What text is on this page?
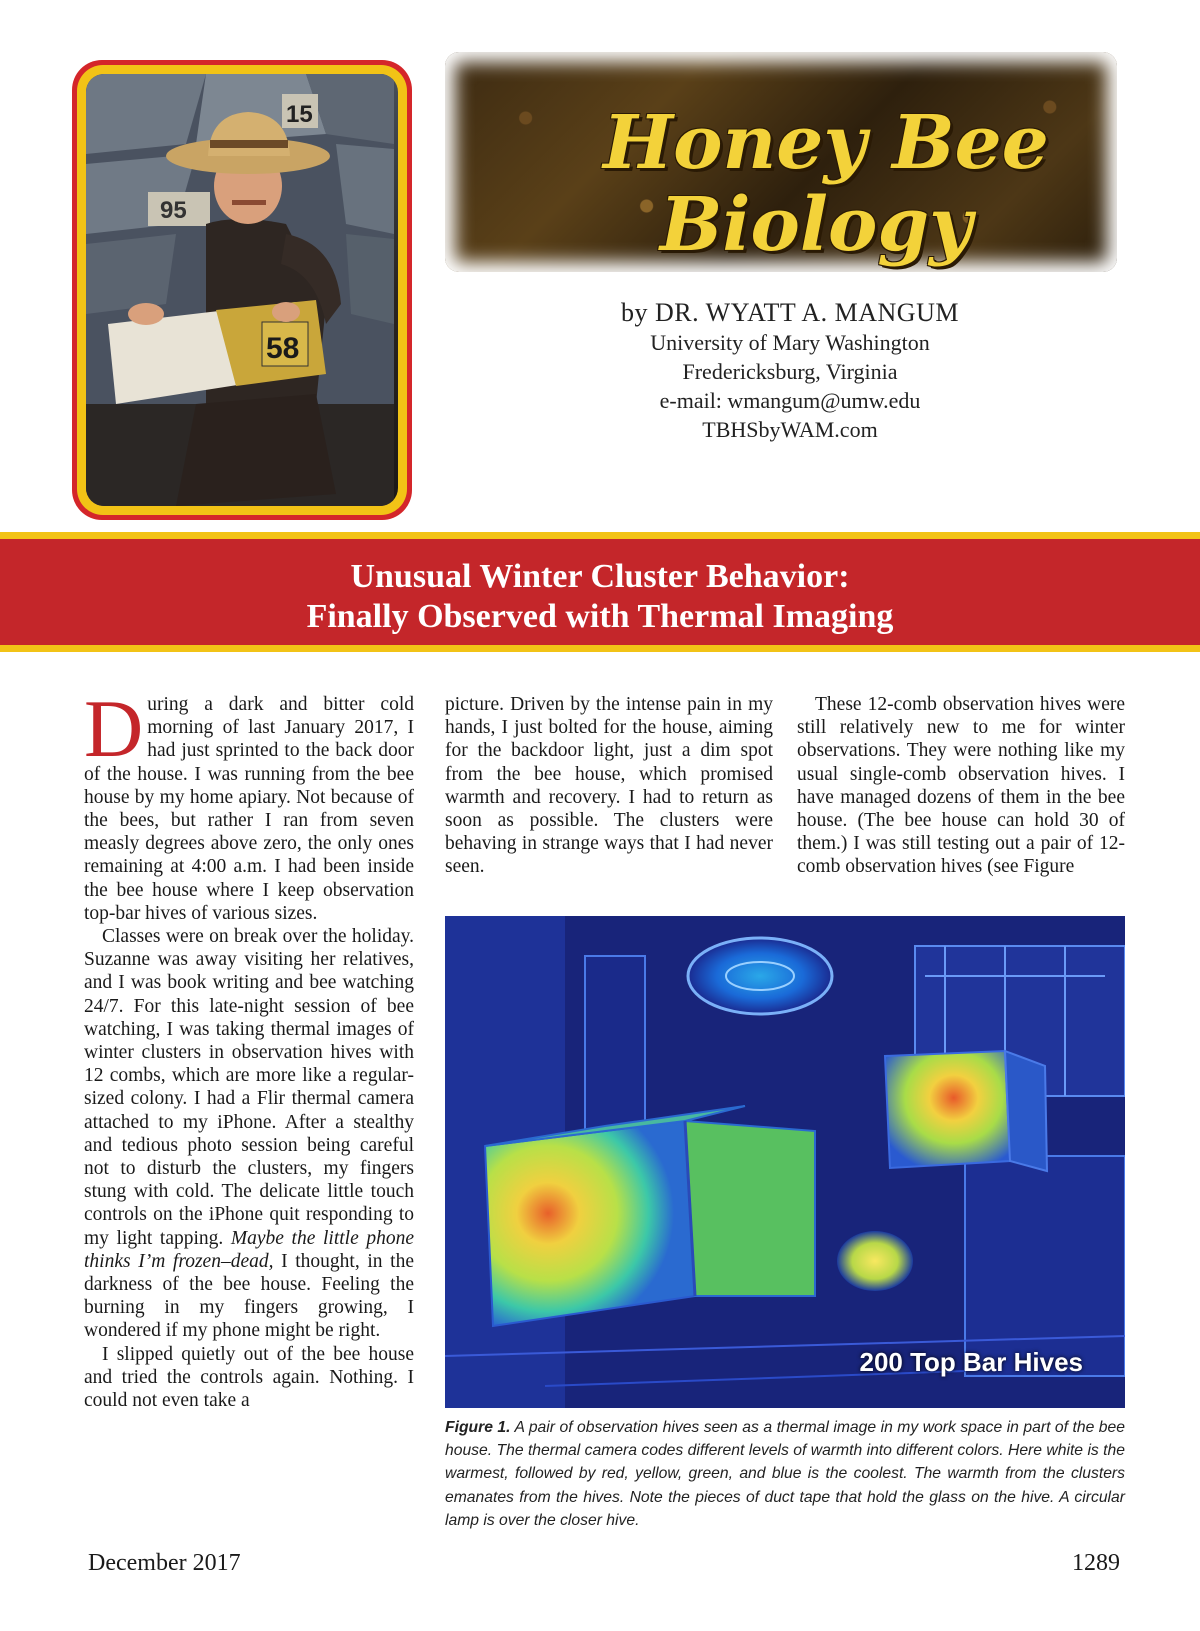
15
95
58
Honey Bee
Biology
by DR. WYATT A. MANGUM
University of Mary Washington
Fredericksburg, Virginia
e-mail: wmangum@umw.edu
TBHSbyWAM.com
Unusual Winter Cluster Behavior:
Finally Observed with Thermal Imaging

During a dark and bitter cold morning of last January 2017, I had just sprinted to the back door of the house. I was running from the bee house by my home apiary. Not because of the bees, but rather I ran from seven measly degrees above zero, the only ones remaining at 4:00 a.m. I had been inside the bee house where I keep observation top-bar hives of various sizes.

Classes were on break over the holiday. Suzanne was away visiting her relatives, and I was book writing and bee watching 24/7. For this late-night session of bee watching, I was taking thermal images of winter clusters in observation hives with 12 combs, which are more like a regular-sized colony. I had a Flir thermal camera attached to my iPhone. After a stealthy and tedious photo session being careful not to disturb the clusters, my fingers stung with cold. The delicate little touch controls on the iPhone quit responding to my light tapping. Maybe the little phone thinks I’m frozen–dead, I thought, in the darkness of the bee house. Feeling the burning in my fingers growing, I wondered if my phone might be right.

I slipped quietly out of the bee house and tried the controls again. Nothing. I could not even take a

picture. Driven by the intense pain in my hands, I just bolted for the house, aiming for the backdoor light, just a dim spot from the bee house, which promised warmth and recovery. I had to return as soon as possible. The clusters were behaving in strange ways that I had never seen.

These 12-comb observation hives were still relatively new to me for winter observations. They were nothing like my usual single-comb observation hives. I have managed dozens of them in the bee house. (The bee house can hold 30 of them.) I was still testing out a pair of 12-comb observation hives (see Figure

200 Top Bar Hives
Figure 1. A pair of observation hives seen as a thermal image in my work space in part of the bee house. The thermal camera codes different levels of warmth into different colors. Here white is the warmest, followed by red, yellow, green, and blue is the coolest. The warmth from the clusters emanates from the hives. Note the pieces of duct tape that hold the glass on the hive. A circular lamp is over the closer hive.
December 2017	1289
